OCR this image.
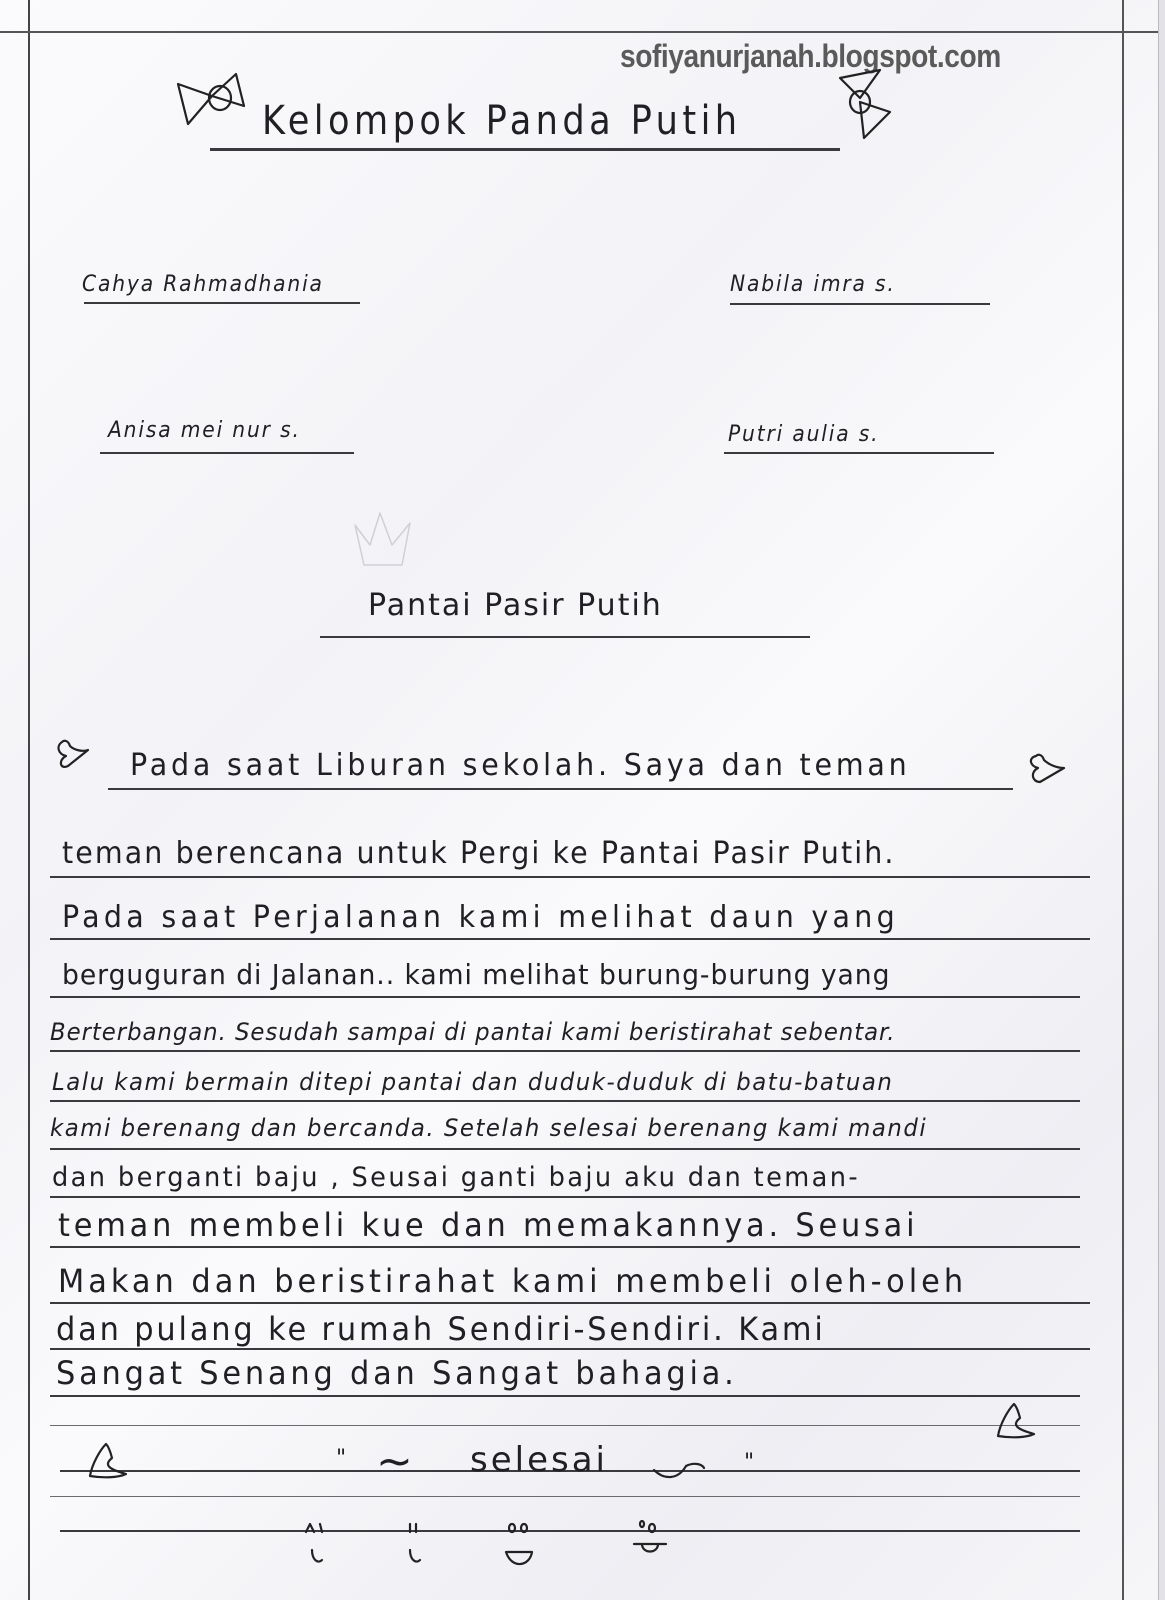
sofiyanurjanah.blogspot.com
Kelompok Panda Putih
Cahya Rahmadhania	Nabila imra s.
Anisa mei nur s.	Putri aulia s.
Pantai Pasir Putih
Pada saat Liburan sekolah. Saya dan teman
teman berencana untuk Pergi ke Pantai Pasir Putih.
Pada saat Perjalanan kami melihat daun yang
berguguran di Jalanan.. kami melihat burung-burung yang
Berterbangan. Sesudah sampai di pantai kami beristirahat sebentar.
Lalu kami bermain ditepi pantai dan duduk-duduk di batu-batuan
kami berenang dan bercanda. Setelah selesai berenang kami mandi
dan berganti baju , Seusai ganti baju aku dan teman-
teman membeli kue dan memakannya. Seusai
Makan dan beristirahat kami membeli oleh-oleh
dan pulang ke rumah Sendiri-Sendiri. Kami
Sangat Senang dan Sangat bahagia.
" ~ selesai	"
